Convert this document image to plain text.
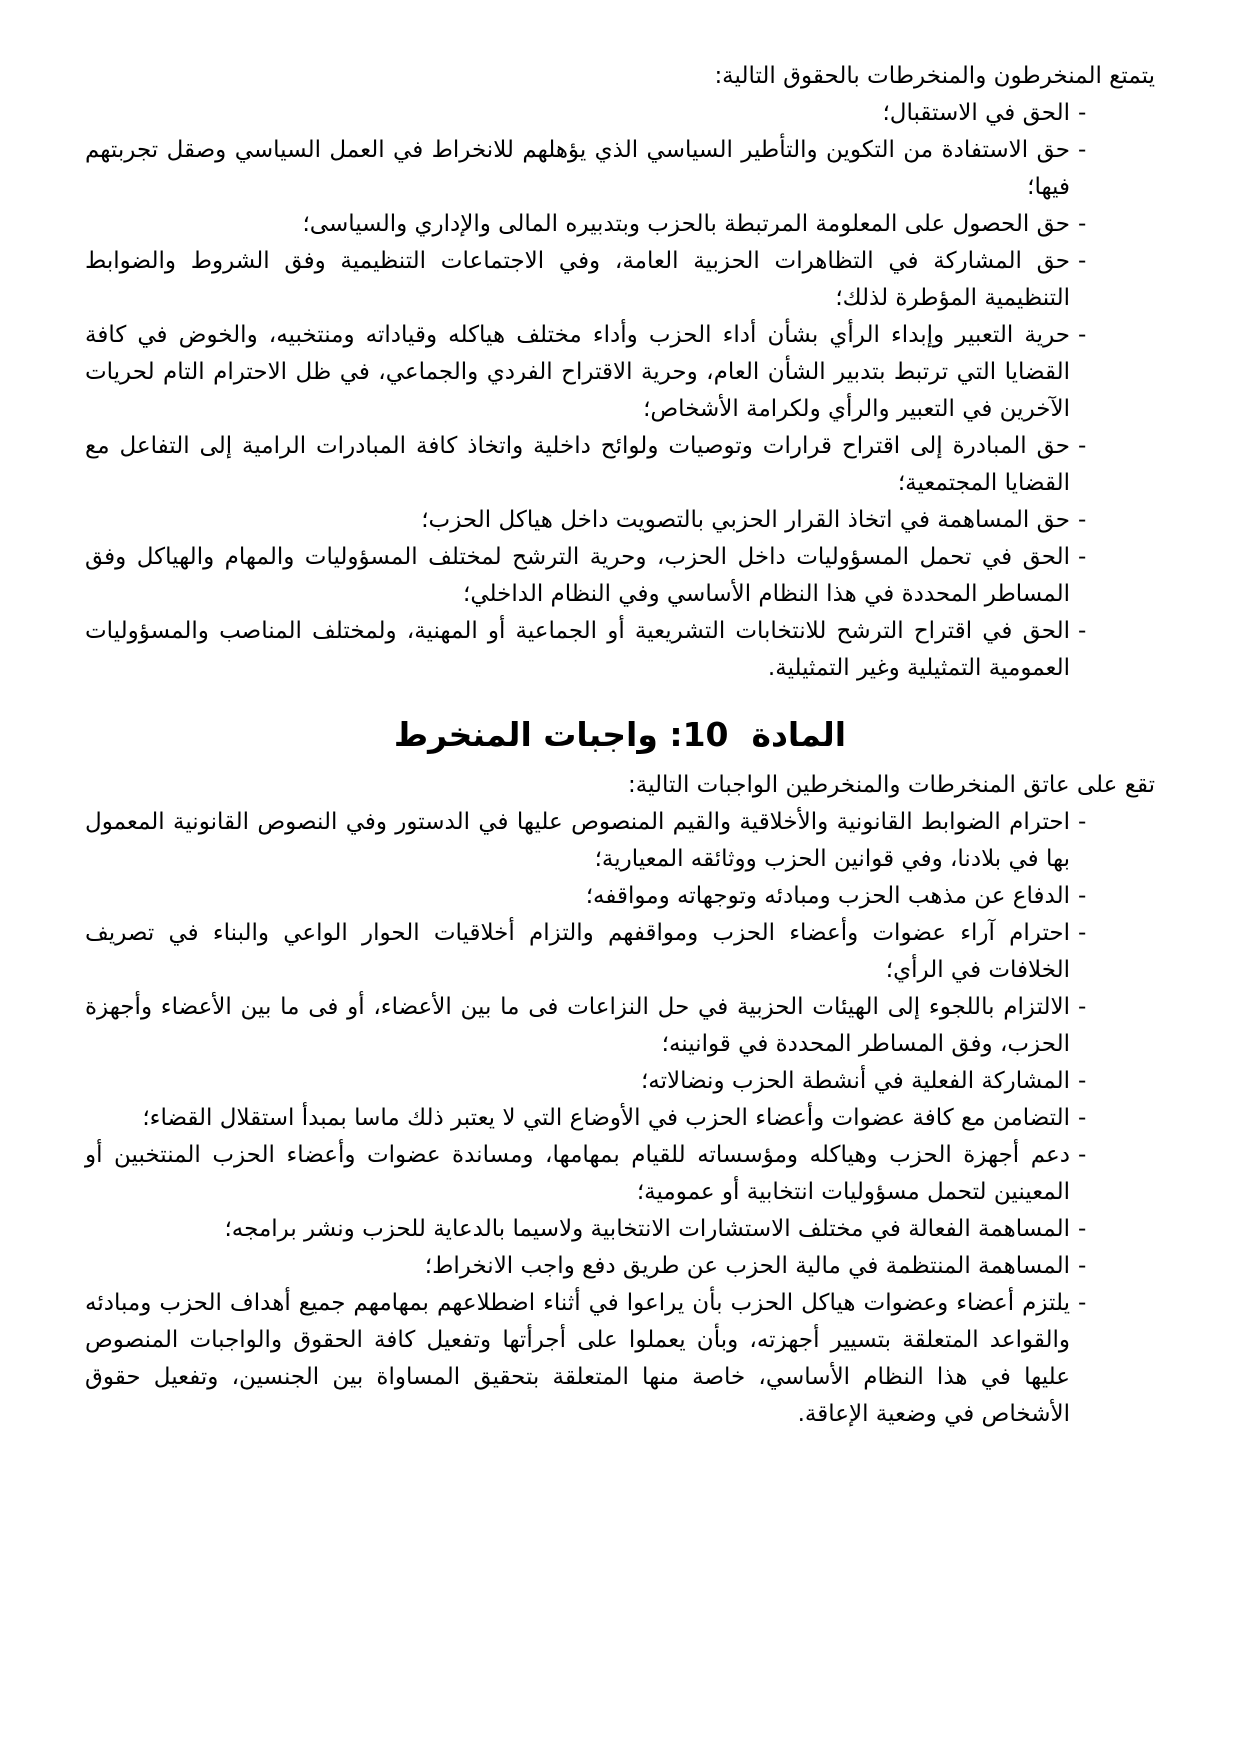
يتمتع المنخرطون والمنخرطات بالحقوق التالية:

-
الحق في الاستقبال؛
-
حق الاستفادة من التكوين والتأطير السياسي الذي يؤهلهم للانخراط في العمل السياسي وصقل تجربتهم فيها؛
-
حق الحصول على المعلومة المرتبطة بالحزب وبتدبيره المالى والإداري والسياسى؛
-
حق المشاركة في التظاهرات الحزبية العامة، وفي الاجتماعات التنظيمية وفق الشروط والضوابط التنظيمية المؤطرة لذلك؛
-
حرية التعبير وإبداء الرأي بشأن أداء الحزب وأداء مختلف هياكله وقياداته ومنتخبيه، والخوض في كافة القضايا التي ترتبط بتدبير الشأن العام، وحرية الاقتراح الفردي والجماعي، في ظل الاحترام التام لحريات الآخرين في التعبير والرأي ولكرامة الأشخاص؛
-
حق المبادرة إلى اقتراح قرارات وتوصيات ولوائح داخلية واتخاذ كافة المبادرات الرامية إلى التفاعل مع القضايا المجتمعية؛
-
حق المساهمة في اتخاذ القرار الحزبي بالتصويت داخل هياكل الحزب؛
-
الحق في تحمل المسؤوليات داخل الحزب، وحرية الترشح لمختلف المسؤوليات والمهام والهياكل وفق المساطر المحددة في هذا النظام الأساسي وفي النظام الداخلي؛
-
الحق في اقتراح الترشح للانتخابات التشريعية أو الجماعية أو المهنية، ولمختلف المناصب والمسؤوليات العمومية التمثيلية وغير التمثيلية.
المادة  10: واجبات المنخرط

تقع على عاتق المنخرطات والمنخرطين الواجبات التالية:

-
احترام الضوابط القانونية والأخلاقية والقيم المنصوص عليها في الدستور وفي النصوص القانونية المعمول بها في بلادنا، وفي قوانين الحزب ووثائقه المعيارية؛
-
الدفاع عن مذهب الحزب ومبادئه وتوجهاته ومواقفه؛
-
احترام آراء عضوات وأعضاء الحزب ومواقفهم والتزام أخلاقيات الحوار الواعي والبناء في تصريف الخلافات في الرأي؛
-
الالتزام باللجوء إلى الهيئات الحزبية في حل النزاعات فى ما بين الأعضاء، أو فى ما بين الأعضاء وأجهزة الحزب، وفق المساطر المحددة في قوانينه؛
-
المشاركة الفعلية في أنشطة الحزب ونضالاته؛
-
التضامن مع كافة عضوات وأعضاء الحزب في الأوضاع التي لا يعتبر ذلك ماسا بمبدأ استقلال القضاء؛
-
دعم أجهزة الحزب وهياكله ومؤسساته للقيام بمهامها، ومساندة عضوات وأعضاء الحزب المنتخبين أو المعينين لتحمل مسؤوليات انتخابية أو عمومية؛
-
المساهمة الفعالة في مختلف الاستشارات الانتخابية ولاسيما بالدعاية للحزب ونشر برامجه؛
-
المساهمة المنتظمة في مالية الحزب عن طريق دفع واجب الانخراط؛
-
يلتزم أعضاء وعضوات هياكل الحزب بأن يراعوا في أثناء اضطلاعهم بمهامهم جميع أهداف الحزب ومبادئه والقواعد المتعلقة بتسيير أجهزته، وبأن يعملوا على أجرأتها وتفعيل كافة الحقوق والواجبات المنصوص عليها في هذا النظام الأساسي، خاصة منها المتعلقة بتحقيق المساواة بين الجنسين، وتفعيل حقوق الأشخاص في وضعية الإعاقة.
